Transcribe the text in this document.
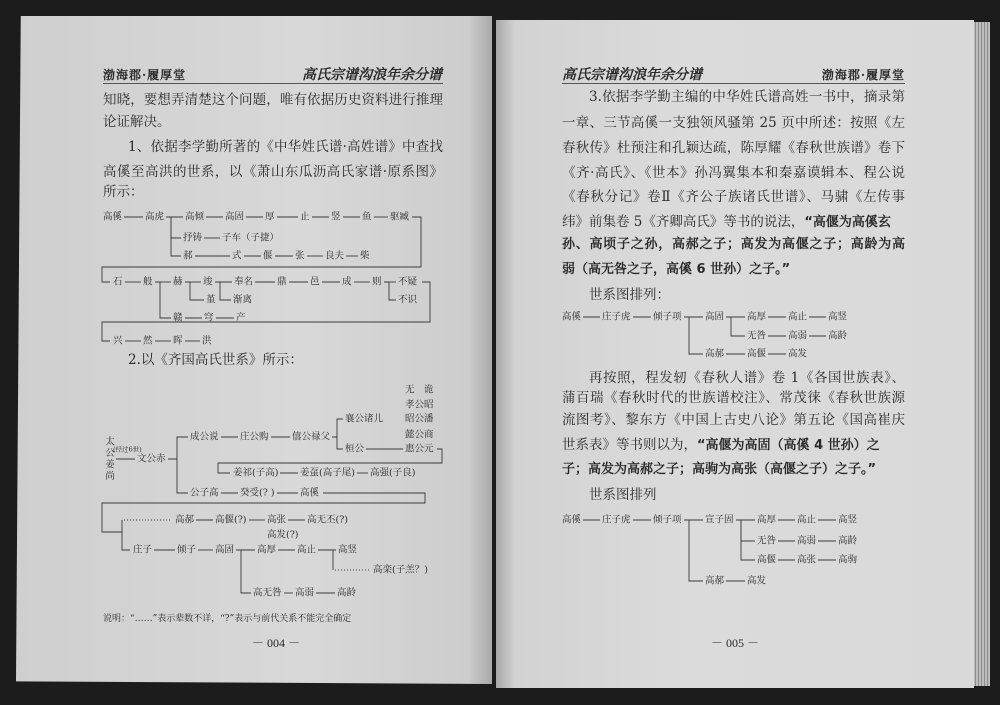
渤海郡·履厚堂	高氏宗谱沟浪年余分谱
知晓，要想弄清楚这个问题，唯有依据历史资料进行推理
论证解决。
1、依据李学勤所著的《中华姓氏谱·高姓谱》中查找
高傒至高洪的世系，以《萧山东瓜沥高氏家谱·原系图》
所示：
2.以《齐国高氏世系》所示：
说明：“……”表示辈数不详，“?”表示与前代关系不能完全确定
－ 004 －
高氏宗谱沟浪年余分谱	渤海郡·履厚堂
3.依据李学勤主编的中华姓氏谱高姓一书中，摘录第
一章、三节高傒一支独领风骚第 25 页中所述：按照《左
春秋传》杜预注和孔颖达疏，陈厚耀《春秋世族谱》卷下
《齐·高氏》、《世本》孙冯翼集本和秦嘉谟辑本、程公说
《春秋分记》卷Ⅱ《齐公子族诸氏世谱》、马骕《左传事
纬》前集卷 5《齐卿高氏》等书的说法，“高偃为高傒玄
孙、高顷子之孙，高郝之子；高发为高偃之子；高龄为高
弱（高无咎之子，高傒 6 世孙）之子。”
世系图排列：
再按照，程发轫《春秋人谱》卷 1《各国世族表》、
蒲百瑞《春秋时代的世族谱校注》、常茂徕《春秋世族源
流图考》、黎东方《中国上古史八论》第五论《国高崔庆
世系表》等书则以为，“高偃为高固（高傒 4 世孙）之
子；高发为高郝之子；高驹为高张（高偃之子）之子。”
世系图排列
－ 005 －
高傒 高虎 高倾 高固 厚	止 竖 鱼 驱臧
抒铸 子车（子捷）
郝	式 偃 张 良夫 柴
石 般 赫 竣 奉名	鼎 邑 成 则 不疑
堇 渐离	不识
赣 穹 产
兴 然 晖 洪
太公姜尚 (经过6世)
文公赤
成公说 庄公购 僖公禄父
襄公诸儿
桓公
无　诡
孝公昭
昭公潘
懿公商
惠公元
姜祁(子高) 姜虿(高子尾) 高强(子良)
公子高 癸受(? )	高傒
高郝 高偃(?) 高张 高无丕(?)
高发(?)
庄子	倾子 高固 高厚 高止 高竖
高栾(子羔？)
高无咎 高弱 高龄
高傒 庄子虎 倾子项 高固 高厚 高止 高竖
无咎 高弱 高龄
高郝 高偃 高发
高傒 庄子虎 倾子项 宣子固 高厚 高止 高竖
无咎 高弱 高龄
高偃 高张 高驹
高郝 高发
